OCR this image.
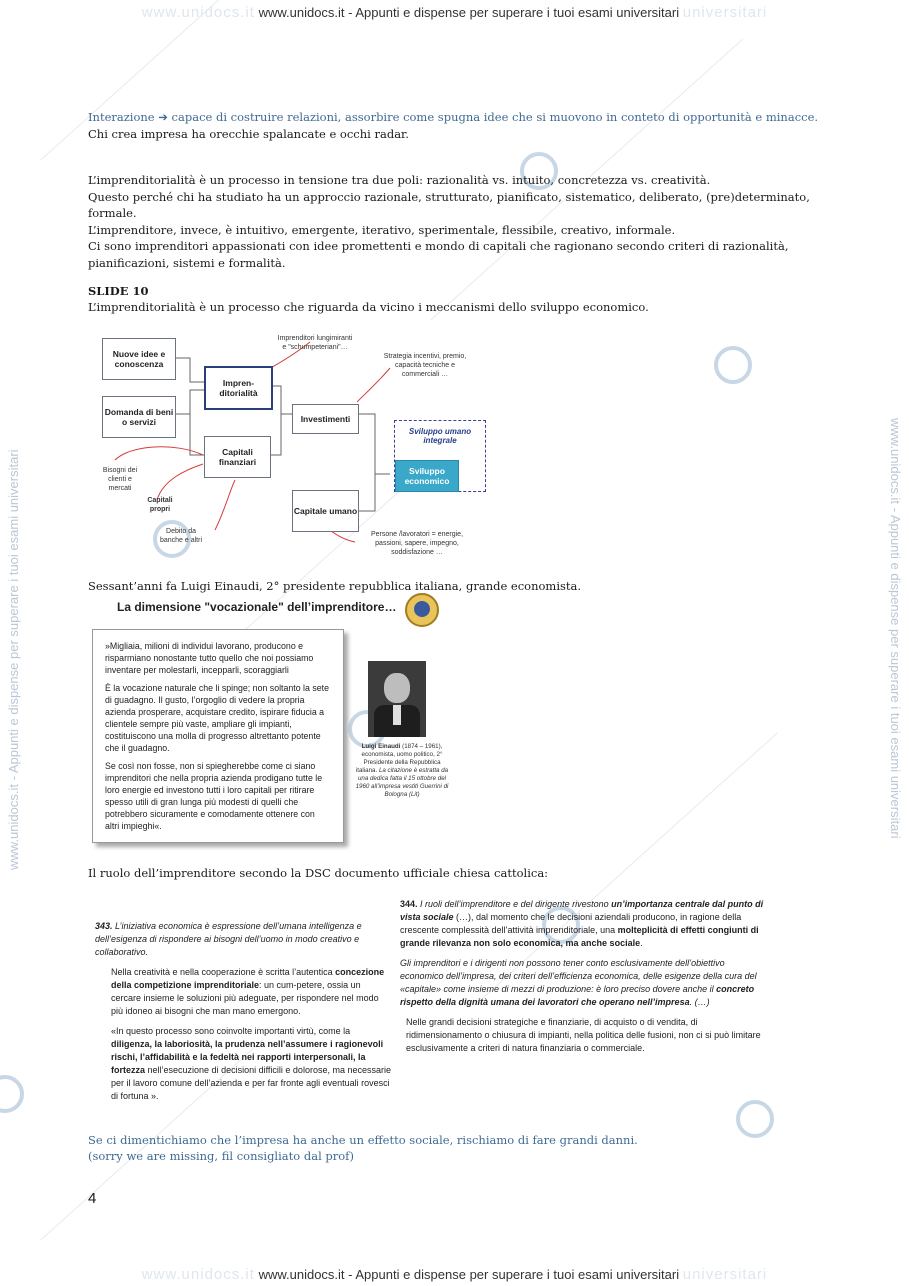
www.unidocs.it www.unidocs.it - Appunti e dispense per superare i tuoi esami universitari universitari
www.unidocs.it - Appunti e dispense per superare i tuoi esami universitari	www.unidocs.it - Appunti e dispense per superare i tuoi esami universitari

Interazione ➔ capace di costruire relazioni, assorbire come spugna idee che si muovono in conteto di opportunità e minacce. Chi crea impresa ha orecchie spalancate e occhi radar.

L’imprenditorialità è un processo in tensione tra due poli: razionalità vs. intuito, concretezza vs. creatività.

Questo perché chi ha studiato ha un approccio razionale, strutturato, pianificato, sistematico, deliberato, (pre)determinato, formale.

L’imprenditore, invece, è intuitivo, emergente, iterativo, sperimentale, flessibile, creativo, informale.

Ci sono imprenditori appassionati con idee promettenti e mondo di capitali che ragionano secondo criteri di razionalità, pianificazioni, sistemi e formalità.

SLIDE 10

L’imprenditorialità è un processo che riguarda da vicino i meccanismi dello sviluppo economico.

Nuove idee e conoscenza
Domanda di beni o servizi
Impren-ditorialità
Capitali finanziari
Investimenti
Capitale umano
Sviluppo umano integrale
Sviluppo economico
Imprenditori lungimiranti e "schumpeteriani"…
Strategia incentivi, premio, capacità tecniche e commerciali …
Bisogni dei clienti e mercati
Capitali propri
Debito da banche e altri
Persone /lavoratori = energie, passioni, sapere, impegno, soddisfazione …

Sessant’anni fa Luigi Einaudi, 2° presidente repubblica italiana, grande economista.

La dimensione "vocazionale" dell’imprenditore…

»Migliaia, milioni di individui lavorano, producono e risparmiano nonostante tutto quello che noi possiamo inventare per molestarli, incepparli, scoraggiarli

È la vocazione naturale che li spinge; non soltanto la sete di guadagno. Il gusto, l’orgoglio di vedere la propria azienda prosperare, acquistare credito, ispirare fiducia a clientele sempre più vaste, ampliare gli impianti, costituiscono una molla di progresso altrettanto potente che il guadagno.

Se così non fosse, non si spiegherebbe come ci siano imprenditori che nella propria azienda prodigano tutte le loro energie ed investono tutti i loro capitali per ritirare spesso utili di gran lunga più modesti di quelli che potrebbero sicuramente e comodamente ottenere con altri impieghi«.

Luigi Einaudi (1874 – 1961), economista, uomo politico, 2° Presidente della Repubblica italiana. La citazione è estratta da una dedica fatta il 15 ottobre del 1960 all’impresa vestiti Guerrini di Bologna (Lit)

Il ruolo dell’imprenditore secondo la DSC documento ufficiale chiesa cattolica:

343. L’iniziativa economica è espressione dell’umana intelligenza e dell’esigenza di rispondere ai bisogni dell’uomo in modo creativo e collaborativo.

Nella creatività e nella cooperazione è scritta l’autentica concezione della competizione imprenditoriale: un cum-petere, ossia un cercare insieme le soluzioni più adeguate, per rispondere nel modo più idoneo ai bisogni che man mano emergono.

«In questo processo sono coinvolte importanti virtù, come la diligenza, la laboriosità, la prudenza nell’assumere i ragionevoli rischi, l’affidabilità e la fedeltà nei rapporti interpersonali, la fortezza nell’esecuzione di decisioni difficili e dolorose, ma necessarie per il lavoro comune dell’azienda e per far fronte agli eventuali rovesci di fortuna ».

344. I ruoli dell’imprenditore e del dirigente rivestono un’importanza centrale dal punto di vista sociale (…), dal momento che le decisioni aziendali producono, in ragione della crescente complessità dell’attività imprenditoriale, una molteplicità di effetti congiunti di grande rilevanza non solo economica, ma anche sociale.

Gli imprenditori e i dirigenti non possono tener conto esclusivamente dell’obiettivo economico dell’impresa, dei criteri dell’efficienza economica, delle esigenze della cura del «capitale» come insieme di mezzi di produzione: è loro preciso dovere anche il concreto rispetto della dignità umana dei lavoratori che operano nell’impresa. (…)

Nelle grandi decisioni strategiche e finanziarie, di acquisto o di vendita, di ridimensionamento o chiusura di impianti, nella politica delle fusioni, non ci si può limitare esclusivamente a criteri di natura finanziaria o commerciale.

Se ci dimentichiamo che l’impresa ha anche un effetto sociale, rischiamo di fare grandi danni.

(sorry we are missing, fil consigliato dal prof)

4
www.unidocs.it www.unidocs.it - Appunti e dispense per superare i tuoi esami universitari universitari
